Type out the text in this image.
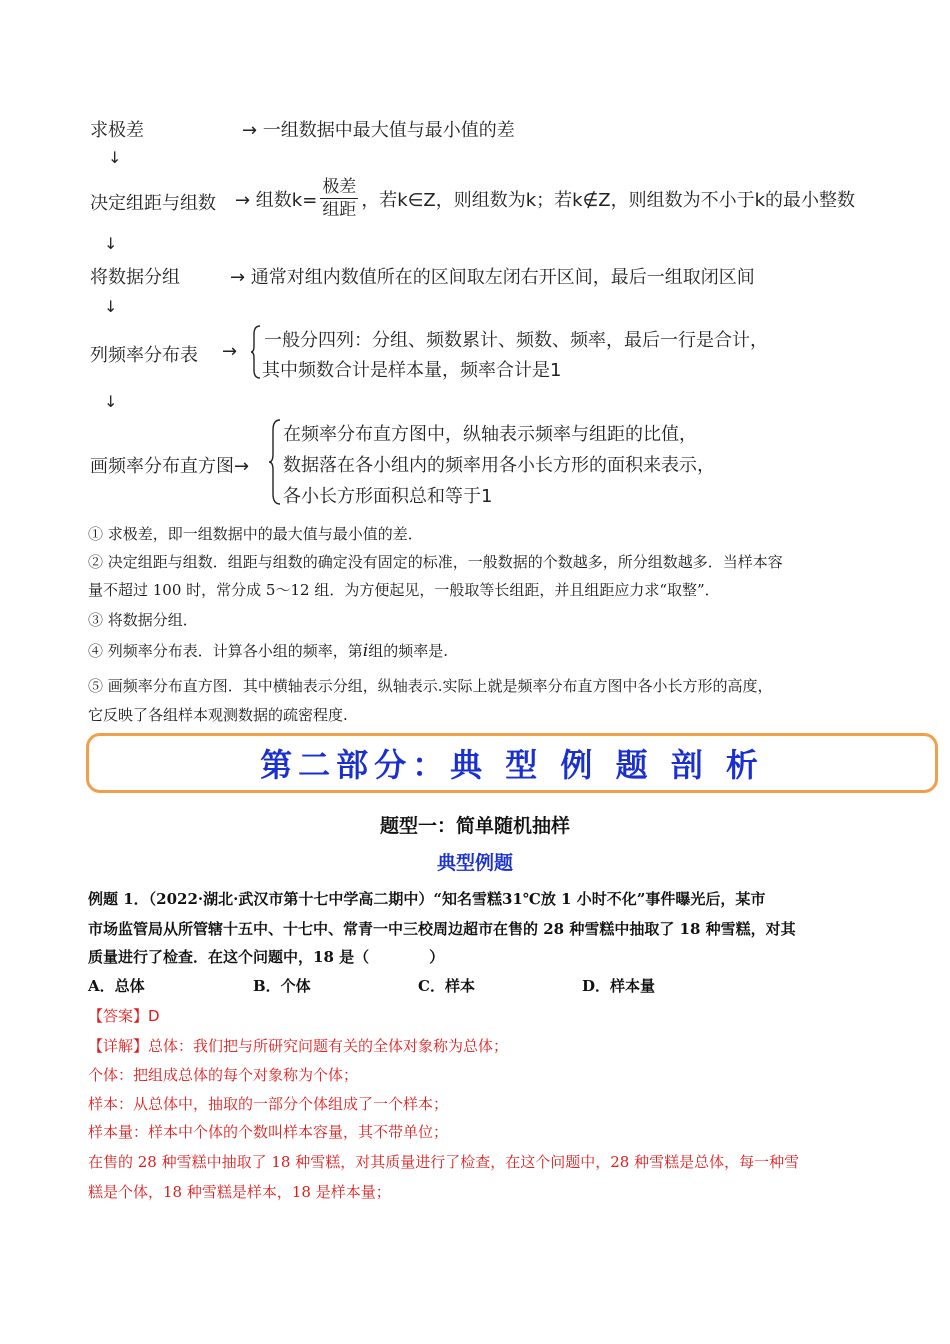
求极差	→ 一组数据中最大值与最小值的差
↓
决定组距与组数 → 组数$k= \frac{\text{极差}}{\text{组距}}$ ，若k∈Z，则组数为k；若k∉Z，则组数为不小于k的最小整数
↓
将数据分组	→ 通常对组内数值所在的区间取左闭右开区间，最后一组取闭区间
↓
列频率分布表 →
一般分四列：分组、频数累计、频数、频率，最后一行是合计，
其中频数合计是样本量，频率合计是1
↓
画频率分布直方图→
在频率分布直方图中，纵轴表示频率与组距的比值，
数据落在各小组内的频率用各小长方形的面积来表示，
各小长方形面积总和等于1
① 求极差，即一组数据中的最大值与最小值的差．
② 决定组距与组数．组距与组数的确定没有固定的标准，一般数据的个数越多，所分组数越多．当样本容
量不超过 100 时，常分成 5～12 组．为方便起见，一般取等长组距，并且组距应力求“取整”．
③ 将数据分组．
④ 列频率分布表．计算各小组的频率，第i组的频率是.
⑤ 画频率分布直方图．其中横轴表示分组，纵轴表示.实际上就是频率分布直方图中各小长方形的高度，
它反映了各组样本观测数据的疏密程度.
第二部分：典 型 例 题 剖 析
题型一：简单随机抽样
典型例题
例题 1．（2022·湖北·武汉市第十七中学高二期中）“知名雪糕31℃放 1 小时不化”事件曝光后，某市
市场监管局从所管辖十五中、十七中、常青一中三校周边超市在售的 28 种雪糕中抽取了 18 种雪糕，对其
质量进行了检查．在这个问题中，18 是（　　　　）
A．总体	B．个体	C．样本	D．样本量
【答案】D
【详解】总体：我们把与所研究问题有关的全体对象称为总体；
个体：把组成总体的每个对象称为个体；
样本：从总体中，抽取的一部分个体组成了一个样本；
样本量：样本中个体的个数叫样本容量，其不带单位；
在售的 28 种雪糕中抽取了 18 种雪糕，对其质量进行了检查，在这个问题中，28 种雪糕是总体，每一种雪
糕是个体，18 种雪糕是样本，18 是样本量；
